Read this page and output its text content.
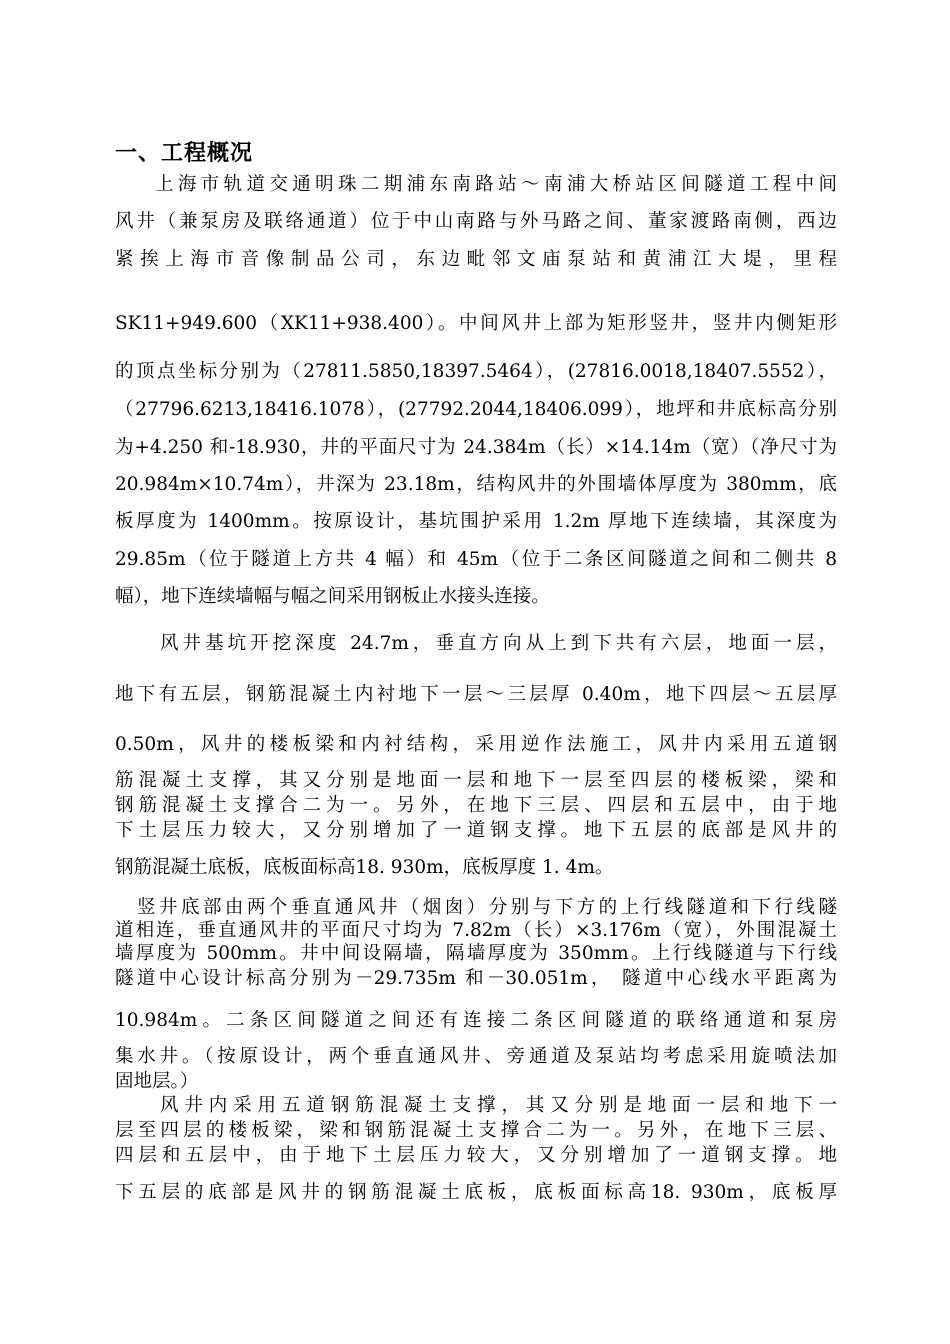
一、工程概况
上海市轨道交通明珠二期浦东南路站～南浦大桥站区间隧道工程中间
风井（兼泵房及联络通道）位于中山南路与外马路之间、董家渡路南侧，西边
紧挨上海市音像制品公司，东边毗邻文庙泵站和黄浦江大堤，里程
SK11+949.600（XK11+938.400）。中间风井上部为矩形竖井，竖井内侧矩形
的顶点坐标分别为（27811.5850,18397.5464），(27816.0018,18407.5552），
（27796.6213,18416.1078），(27792.2044,18406.099），地坪和井底标高分别
为+4.250 和-18.930，井的平面尺寸为 24.384m（长）×14.14m（宽）（净尺寸为
20.984m×10.74m），井深为 23.18m，结构风井的外围墙体厚度为 380mm，底
板厚度为 1400mm。按原设计，基坑围护采用 1.2m 厚地下连续墙，其深度为
29.85m（位于隧道上方共 4 幅）和 45m（位于二条区间隧道之间和二侧共 8
幅），地下连续墙幅与幅之间采用钢板止水接头连接。
风井基坑开挖深度 24.7m，垂直方向从上到下共有六层，地面一层，
地下有五层，钢筋混凝土内衬地下一层～三层厚 0.40m，地下四层～五层厚
0.50m，风井的楼板梁和内衬结构，采用逆作法施工，风井内采用五道钢
筋混凝土支撑，其又分别是地面一层和地下一层至四层的楼板梁，梁和
钢筋混凝土支撑合二为一。另外，在地下三层、四层和五层中，由于地
下土层压力较大，又分别增加了一道钢支撑。地下五层的底部是风井的
钢筋混凝土底板，底板面标高18. 930m，底板厚度 1. 4m。
竖井底部由两个垂直通风井（烟囱）分别与下方的上行线隧道和下行线隧
道相连，垂直通风井的平面尺寸均为 7.82m（长）×3.176m（宽），外围混凝土
墙厚度为 500mm。井中间设隔墙，隔墙厚度为 350mm。上行线隧道与下行线
隧道中心设计标高分别为－29.735m 和－30.051m， 隧道中心线水平距离为
10.984m。二条区间隧道之间还有连接二条区间隧道的联络通道和泵房
集水井。（按原设计，两个垂直通风井、旁通道及泵站均考虑采用旋喷法加
固地层。）
风井内采用五道钢筋混凝土支撑，其又分别是地面一层和地下一
层至四层的楼板梁，梁和钢筋混凝土支撑合二为一。另外，在地下三层、
四层和五层中，由于地下土层压力较大，又分别增加了一道钢支撑。地
下五层的底部是风井的钢筋混凝土底板，底板面标高18. 930m，底板厚
